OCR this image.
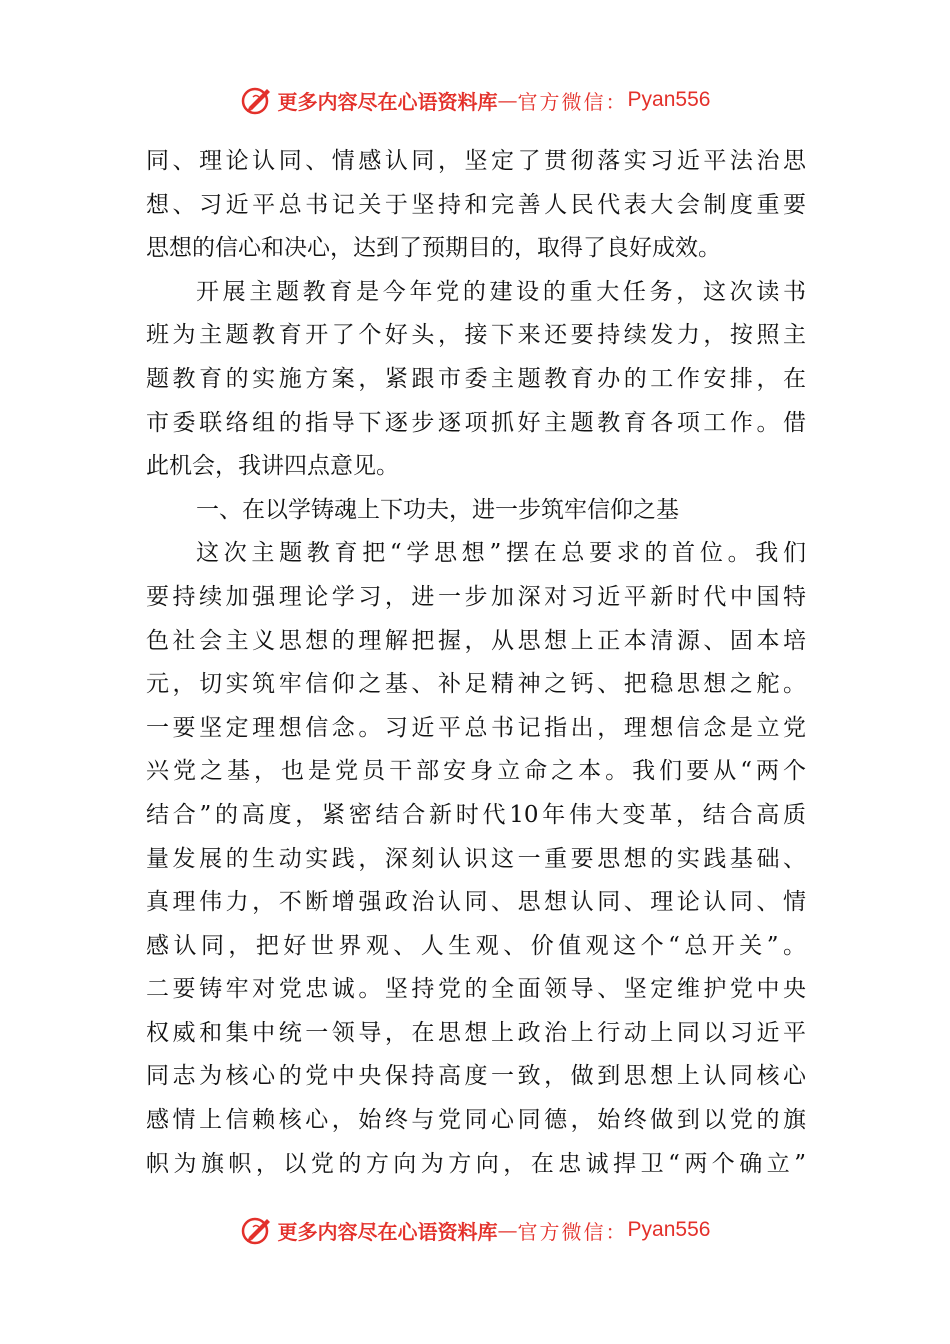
更多内容尽在心语资料库 — 官方微信： Pyan556
同、理论认同、情感认同，坚定了贯彻落实习近平法治思
想、习近平总书记关于坚持和完善人民代表大会制度重要
思想的信心和决心，达到了预期目的，取得了良好成效。
开展主题教育是今年党的建设的重大任务，这次读书
班为主题教育开了个好头，接下来还要持续发力，按照主
题教育的实施方案，紧跟市委主题教育办的工作安排，在
市委联络组的指导下逐步逐项抓好主题教育各项工作。借
此机会，我讲四点意见。
一、在以学铸魂上下功夫，进一步筑牢信仰之基
这次主题教育把“学思想”摆在总要求的首位。我们
要持续加强理论学习，进一步加深对习近平新时代中国特
色社会主义思想的理解把握，从思想上正本清源、固本培
元，切实筑牢信仰之基、补足精神之钙、把稳思想之舵。
一要坚定理想信念。习近平总书记指出，理想信念是立党
兴党之基，也是党员干部安身立命之本。我们要从“两个
结合”的高度，紧密结合新时代10年伟大变革，结合高质
量发展的生动实践，深刻认识这一重要思想的实践基础、
真理伟力，不断增强政治认同、思想认同、理论认同、情
感认同，把好世界观、人生观、价值观这个“总开关”。
二要铸牢对党忠诚。坚持党的全面领导、坚定维护党中央
权威和集中统一领导，在思想上政治上行动上同以习近平
同志为核心的党中央保持高度一致，做到思想上认同核心
感情上信赖核心，始终与党同心同德，始终做到以党的旗
帜为旗帜，以党的方向为方向，在忠诚捍卫“两个确立”
更多内容尽在心语资料库 — 官方微信： Pyan556
